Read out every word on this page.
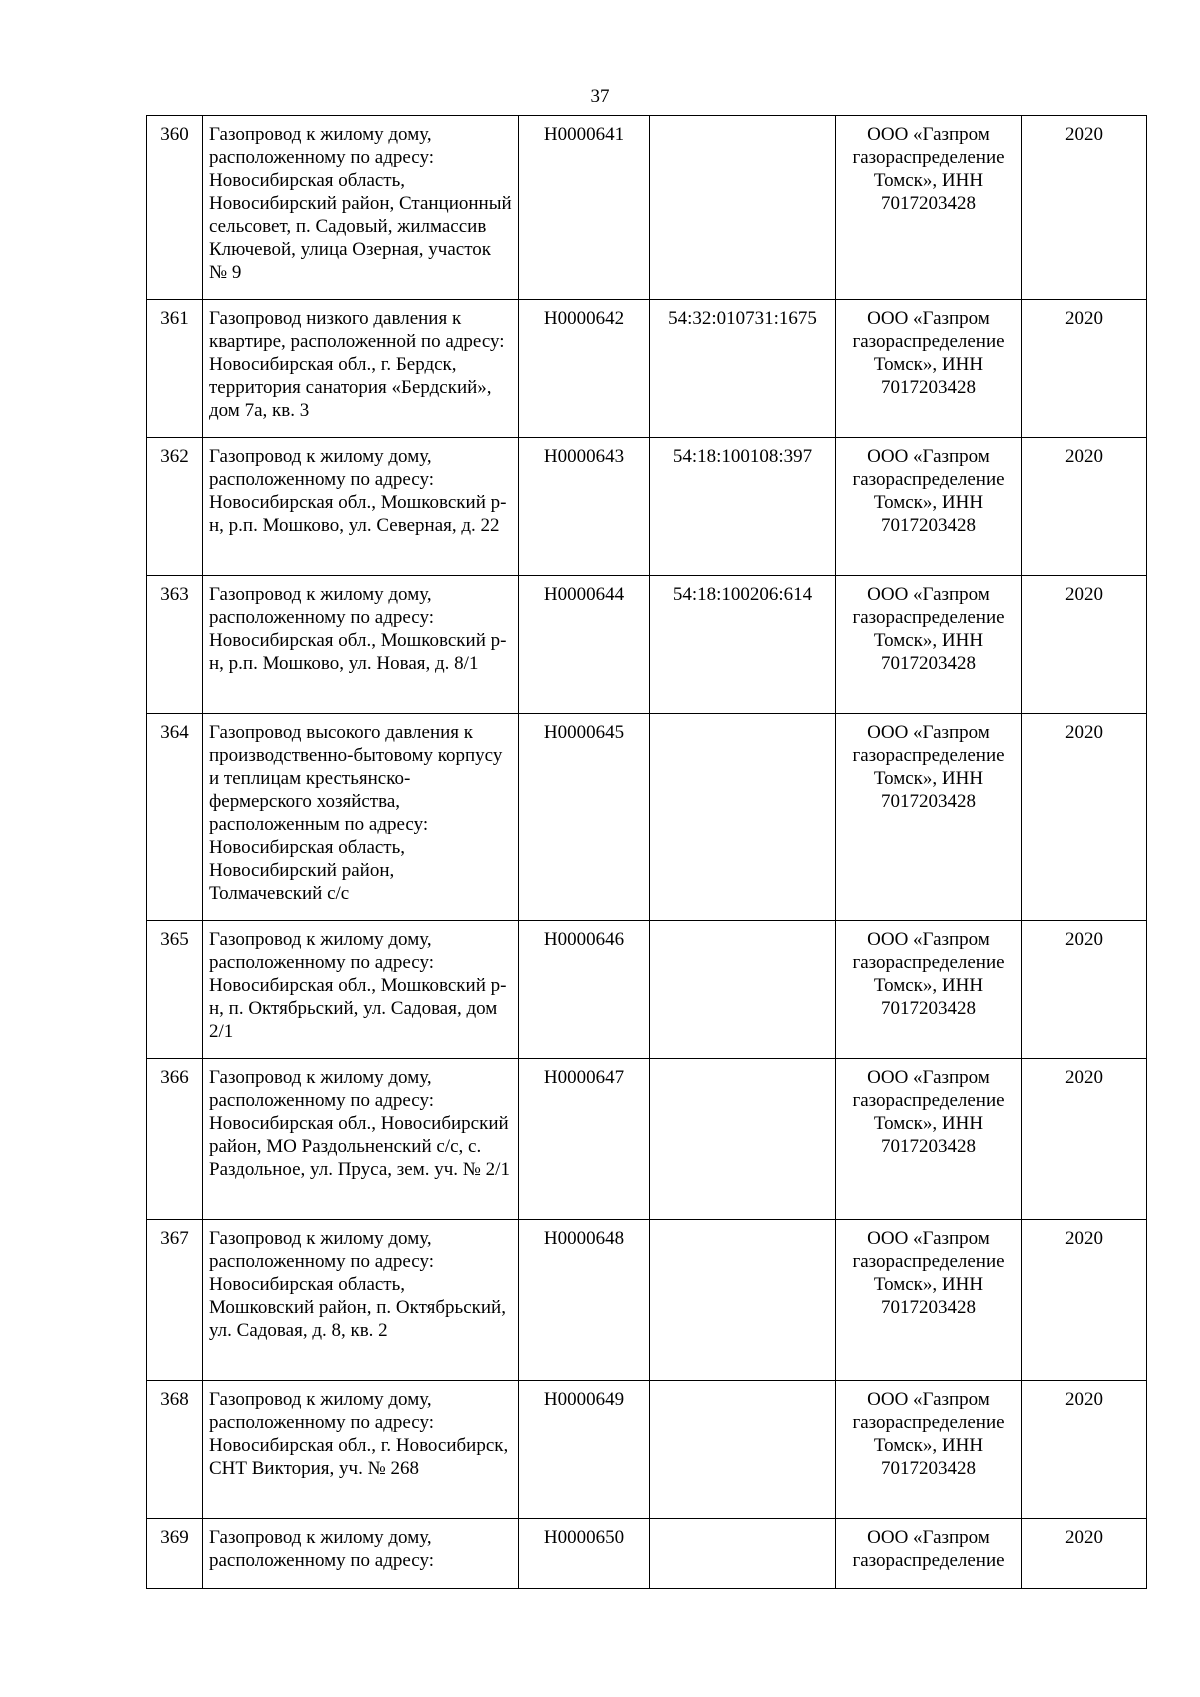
37
360	Газопровод к жилому дому, расположенному по адресу: Новосибирская область, Новосибирский район, Станционный сельсовет, п. Садовый, жилмассив Ключевой, улица Озерная, участок № 9	Н0000641		ООО «Газпром газораспределение Томск», ИНН 7017203428	2020
361	Газопровод низкого давления к квартире, расположенной по адресу: Новосибирская обл., г. Бердск, территория санатория «Бердский», дом 7а, кв. 3	Н0000642	54:32:010731:1675	ООО «Газпром газораспределение Томск», ИНН 7017203428	2020
362	Газопровод к жилому дому, расположенному по адресу: Новосибирская обл., Мошковский р-н, р.п. Мошково, ул. Северная, д. 22	Н0000643	54:18:100108:397	ООО «Газпром газораспределение Томск», ИНН 7017203428	2020
363	Газопровод к жилому дому, расположенному по адресу: Новосибирская обл., Мошковский р-н, р.п. Мошково, ул. Новая, д. 8/1	Н0000644	54:18:100206:614	ООО «Газпром газораспределение Томск», ИНН 7017203428	2020
364	Газопровод высокого давления к производственно-бытовому корпусу и теплицам крестьянско-фермерского хозяйства, расположенным по адресу: Новосибирская область, Новосибирский район, Толмачевский с/с	Н0000645		ООО «Газпром газораспределение Томск», ИНН 7017203428	2020
365	Газопровод к жилому дому, расположенному по адресу: Новосибирская обл., Мошковский р-н, п. Октябрьский, ул. Садовая, дом 2/1	Н0000646		ООО «Газпром газораспределение Томск», ИНН 7017203428	2020
366	Газопровод к жилому дому, расположенному по адресу: Новосибирская обл., Новосибирский район, МО Раздольненский с/с, с. Раздольное, ул. Пруса, зем. уч. № 2/1	Н0000647		ООО «Газпром газораспределение Томск», ИНН 7017203428	2020
367	Газопровод к жилому дому, расположенному по адресу: Новосибирская область, Мошковский район, п. Октябрьский, ул. Садовая, д. 8, кв. 2	Н0000648		ООО «Газпром газораспределение Томск», ИНН 7017203428	2020
368	Газопровод к жилому дому, расположенному по адресу: Новосибирская обл., г. Новосибирск, СНТ Виктория, уч. № 268	Н0000649		ООО «Газпром газораспределение Томск», ИНН 7017203428	2020
369	Газопровод к жилому дому, расположенному по адресу:	Н0000650		ООО «Газпром газораспределение	2020
